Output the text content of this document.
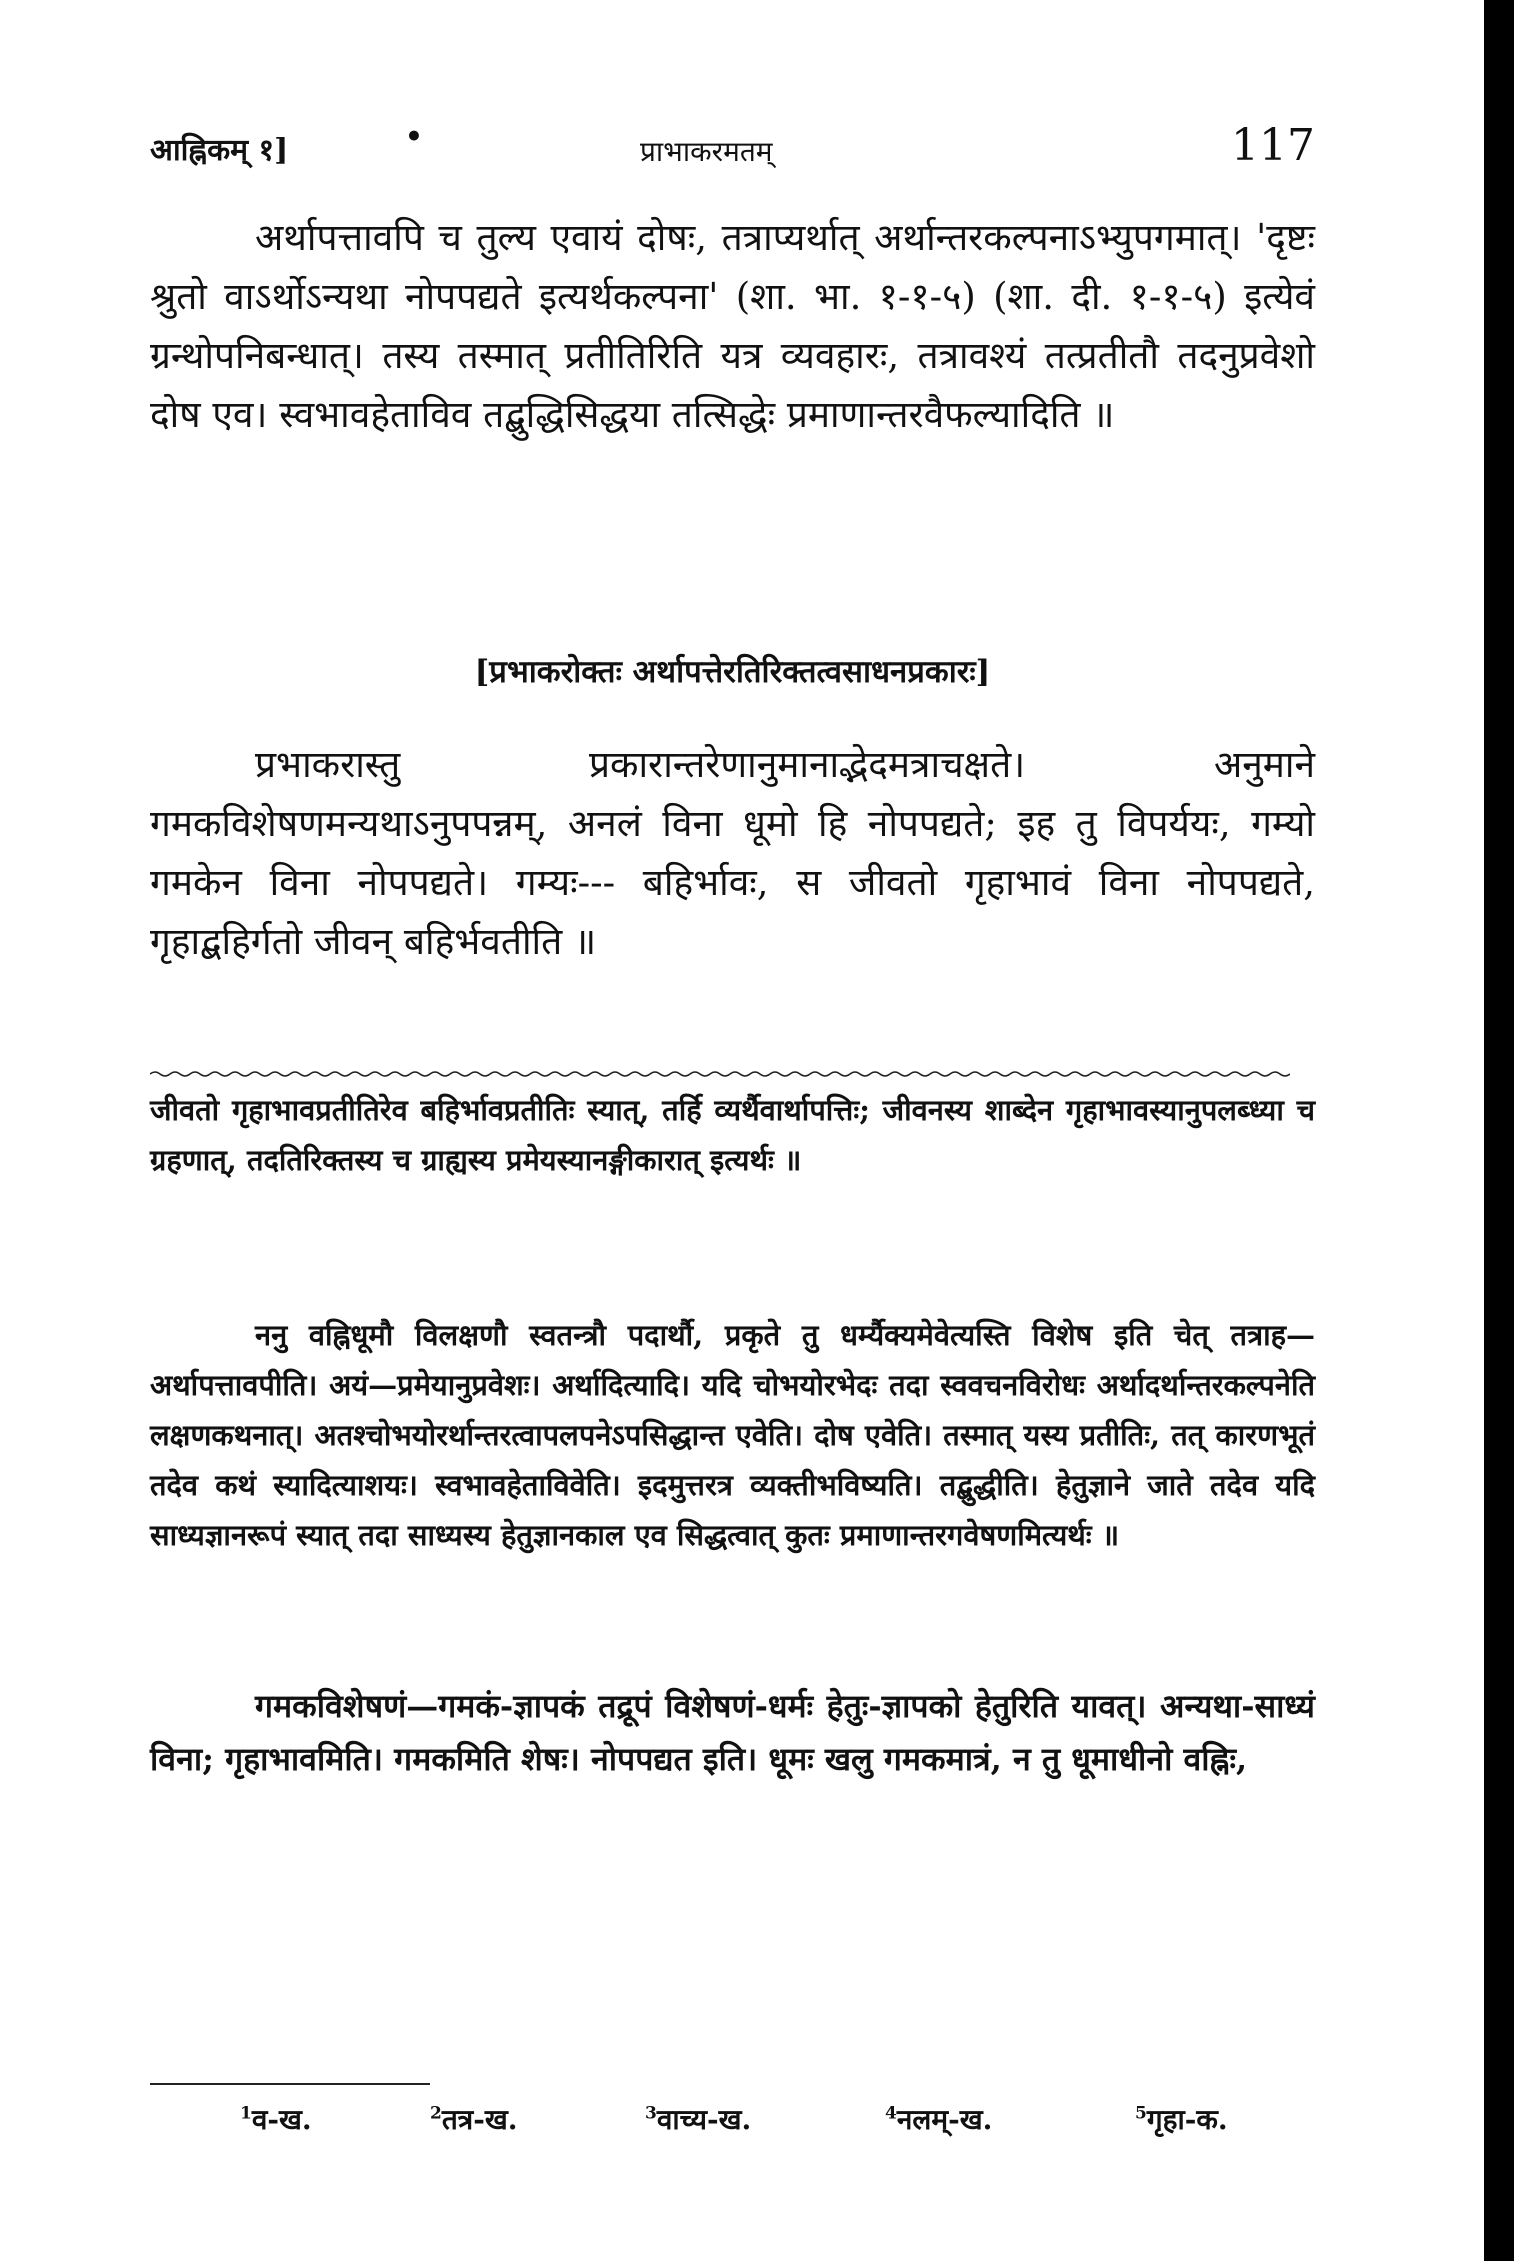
आह्निकम् १]	•	प्राभाकरमतम्	117

अर्थापत्तावपि च तुल्य एवायं दोषः, तत्राप्यर्थात् अर्थान्तरकल्पनाऽभ्युपगमात्। 'दृष्टः श्रुतो वाऽर्थोऽन्यथा नोपपद्यते इत्यर्थकल्पना' (शा. भा. १-१-५) (शा. दी. १-१-५) इत्येवं ग्रन्थोपनिबन्धात्। तस्य तस्मात् प्रतीतिरिति यत्र व्यवहारः, तत्रावश्यं तत्प्रतीतौ तदनुप्रवेशो दोष एव। स्वभावहेताविव तद्बुद्धिसिद्धया तत्सिद्धेः प्रमाणान्तरवैफल्यादिति ॥

[प्रभाकरोक्तः अर्थापत्तेरतिरिक्तत्वसाधनप्रकारः]

प्रभाकरास्तु प्रकारान्तरेणानुमानाद्भेदमत्राचक्षते। अनुमाने गमकविशेषणमन्यथाऽनुपपन्नम्, अनलं विना धूमो हि नोपपद्यते; इह तु विपर्ययः, गम्यो गमकेन विना नोपपद्यते। गम्यः--- बहिर्भावः, स जीवतो गृहाभावं विना नोपपद्यते, गृहाद्बहिर्गतो जीवन् बहिर्भवतीति ॥

जीवतो गृहाभावप्रतीतिरेव बहिर्भावप्रतीतिः स्यात्, तर्हि व्यर्थैवार्थापत्तिः; जीवनस्य शाब्देन गृहाभावस्यानुपलब्ध्या च ग्रहणात्, तदतिरिक्तस्य च ग्राह्यस्य प्रमेयस्यानङ्गीकारात् इत्यर्थः ॥

ननु वह्निधूमौ विलक्षणौ स्वतन्त्रौ पदार्थौ, प्रकृते तु धर्म्यैक्यमेवेत्यस्ति विशेष इति चेत् तत्राह—अर्थापत्तावपीति। अयं—प्रमेयानुप्रवेशः। अर्थादित्यादि। यदि चोभयोरभेदः तदा स्ववचनविरोधः अर्थादर्थान्तरकल्पनेति लक्षणकथनात्। अतश्चोभयोरर्थान्तरत्वापलपनेऽपसिद्धान्त एवेति। दोष एवेति। तस्मात् यस्य प्रतीतिः, तत् कारणभूतं तदेव कथं स्यादित्याशयः। स्वभावहेताविवेति। इदमुत्तरत्र व्यक्तीभविष्यति। तद्बुद्धीति। हेतुज्ञाने जाते तदेव यदि साध्यज्ञानरूपं स्यात् तदा साध्यस्य हेतुज्ञानकाल एव सिद्धत्वात् कुतः प्रमाणान्तरगवेषणमित्यर्थः ॥

गमकविशेषणं—गमकं-ज्ञापकं तद्रूपं विशेषणं-धर्मः हेतुः-ज्ञापको हेतुरिति यावत्। अन्यथा-साध्यं विना; गृहाभावमिति। गमकमिति शेषः। नोपपद्यत इति। धूमः खलु गमकमात्रं, न तु धूमाधीनो वह्निः,

$^1$व-ख.	$^2$तत्र-ख.	$^3$वाच्य-ख.	$^4$नलम्-ख.	$^5$गृहा-क.
